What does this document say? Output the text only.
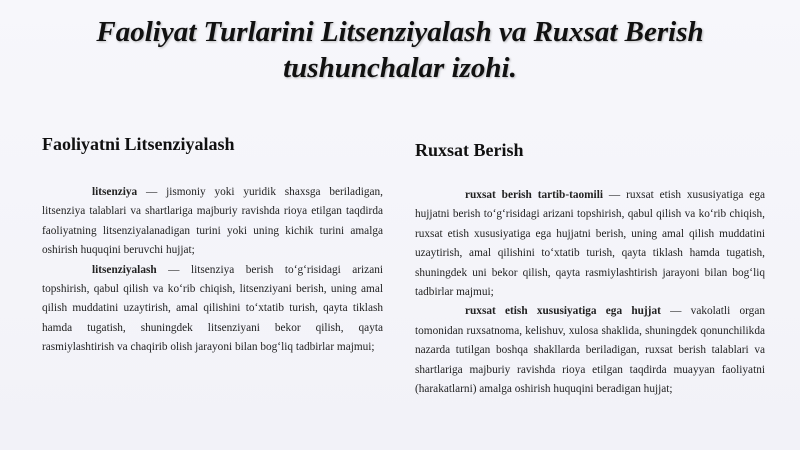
Faoliyat Turlarini Litsenziyalash va Ruxsat Berish tushunchalar izohi.
Faoliyatni Litsenziyalash

litsenziya — jismoniy yoki yuridik shaxsga beriladigan, litsenziya talablari va shartlariga majburiy ravishda rioya etilgan taqdirda faoliyatning litsenziyalanadigan turini yoki uning kichik turini amalga oshirish huquqini beruvchi hujjat;

litsenziyalash — litsenziya berish to‘g‘risidagi arizani topshirish, qabul qilish va ko‘rib chiqish, litsenziyani berish, uning amal qilish muddatini uzaytirish, amal qilishini to‘xtatib turish, qayta tiklash hamda tugatish, shuningdek litsenziyani bekor qilish, qayta rasmiylashtirish va chaqirib olish jarayoni bilan bog‘liq tadbirlar majmui;

Ruxsat Berish

ruxsat berish tartib-taomili — ruxsat etish xususiyatiga ega hujjatni berish to‘g‘risidagi arizani topshirish, qabul qilish va ko‘rib chiqish, ruxsat etish xususiyatiga ega hujjatni berish, uning amal qilish muddatini uzaytirish, amal qilishini to‘xtatib turish, qayta tiklash hamda tugatish, shuningdek uni bekor qilish, qayta rasmiylashtirish jarayoni bilan bog‘liq tadbirlar majmui;

ruxsat etish xususiyatiga ega hujjat — vakolatli organ tomonidan ruxsatnoma, kelishuv, xulosa shaklida, shuningdek qonunchilikda nazarda tutilgan boshqa shakllarda beriladigan, ruxsat berish talablari va shartlariga majburiy ravishda rioya etilgan taqdirda muayyan faoliyatni (harakatlarni) amalga oshirish huquqini beradigan hujjat;
